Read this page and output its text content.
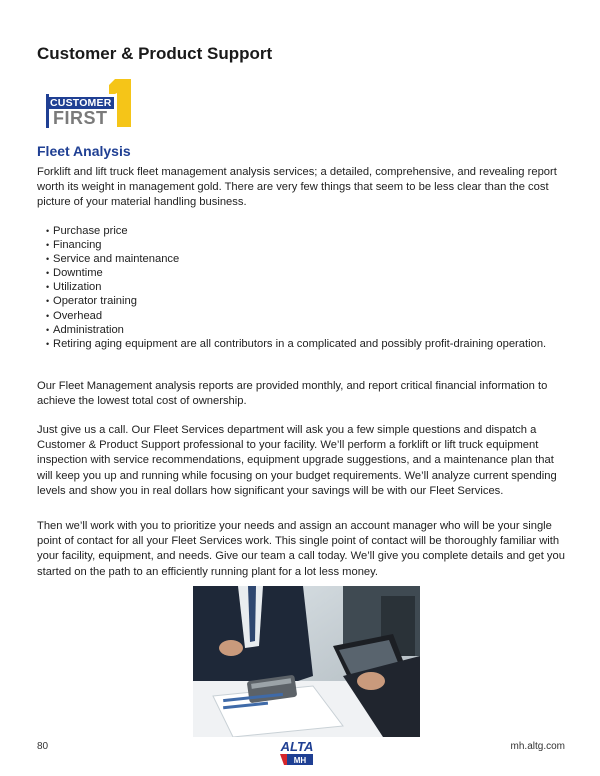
Customer & Product Support
CUSTOMER
FIRST
Fleet Analysis
Forklift and lift truck fleet management analysis services; a detailed, comprehensive, and revealing report worth its weight in management gold. There are very few things that seem to be less clear than the cost picture of your material handling business.
• Purchase price
• Financing
• Service and maintenance
• Downtime
• Utilization
• Operator training
• Overhead
• Administration
• Retiring aging equipment are all contributors in a complicated and possibly profit-draining operation.
Our Fleet Management analysis reports are provided monthly, and report critical financial information to achieve the lowest total cost of ownership.
Just give us a call. Our Fleet Services department will ask you a few simple questions and dispatch a Customer & Product Support professional to your facility. We’ll perform a forklift or lift truck equipment inspection with service recommendations, equipment upgrade suggestions, and a maintenance plan that will keep you up and running while focusing on your budget requirements. We’ll analyze current spending levels and show you in real dollars how significant your savings will be with our Fleet Services.
Then we’ll work with you to prioritize your needs and assign an account manager who will be your single point of contact for all your Fleet Services work. This single point of contact will be thoroughly familiar with your facility, equipment, and needs. Give our team a call today. We’ll give you complete details and get you started on the path to an efficiently running plant for a lot less money.
80	ALTA
MH
mh.altg.com
